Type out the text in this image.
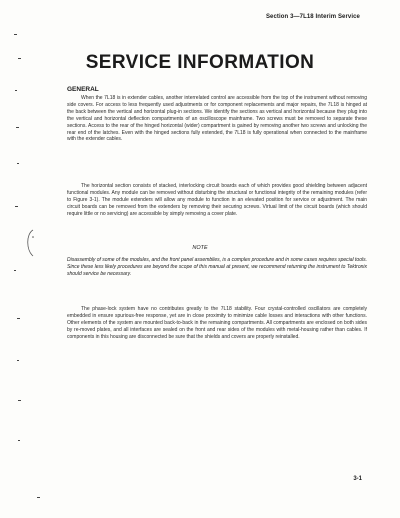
Section 3—7L18 Interim Service
SERVICE INFORMATION
GENERAL
When the 7L18 is in extender cables, another interrelated control are accessible from the top of the instrument without removing side covers. For access to less frequently used adjustments or for component replacements and major repairs, the 7L18 is hinged at the back between the vertical and horizontal plug-in sections. We identify the sections as vertical and horizontal because they plug into the vertical and horizontal deflection compartments of an oscilloscope mainframe. Two screws must be removed to separate these sections. Access to the rear of the hinged horizontal (wider) compartment is gained by removing another two screws and unlocking the rear end of the latches. Even with the hinged sections fully extended, the 7L18 is fully operational when connected to the mainframe with the extender cables.
The horizontal section consists of stacked, interlocking circuit boards each of which provides good shielding between adjacent functional modules. Any module can be removed without disturbing the structural or functional integrity of the remaining modules (refer to Figure 3-1). The module extenders will allow any module to function in an elevated position for service or adjustment. The main circuit boards can be removed from the extenders by removing their securing screws. Virtual limit of the circuit boards (which should require little or no servicing) are accessible by simply removing a cover plate.
NOTE
Disassembly of some of the modules, and the front panel assemblies, is a complex procedure and in some cases requires special tools. Since these less likely procedures are beyond the scope of this manual at present, we recommend returning the instrument to Tektronix should service be necessary.
The phase-lock system have no contributes greatly to the 7L18 stability. Four crystal-controlled oscillators are completely embedded in ensure spurious-free response, yet are in close proximity to minimize cable losses and interactions with other functions. Other elements of the system are mounted back-to-back in the remaining compartments. All compartments are enclosed on both sides by re-moved plates, and all interfaces are sealed on the front and rear sides of the modules with metal-housing rather than cables. If components in this housing are disconnected be sure that the shields and covers are properly reinstalled.
3-1
